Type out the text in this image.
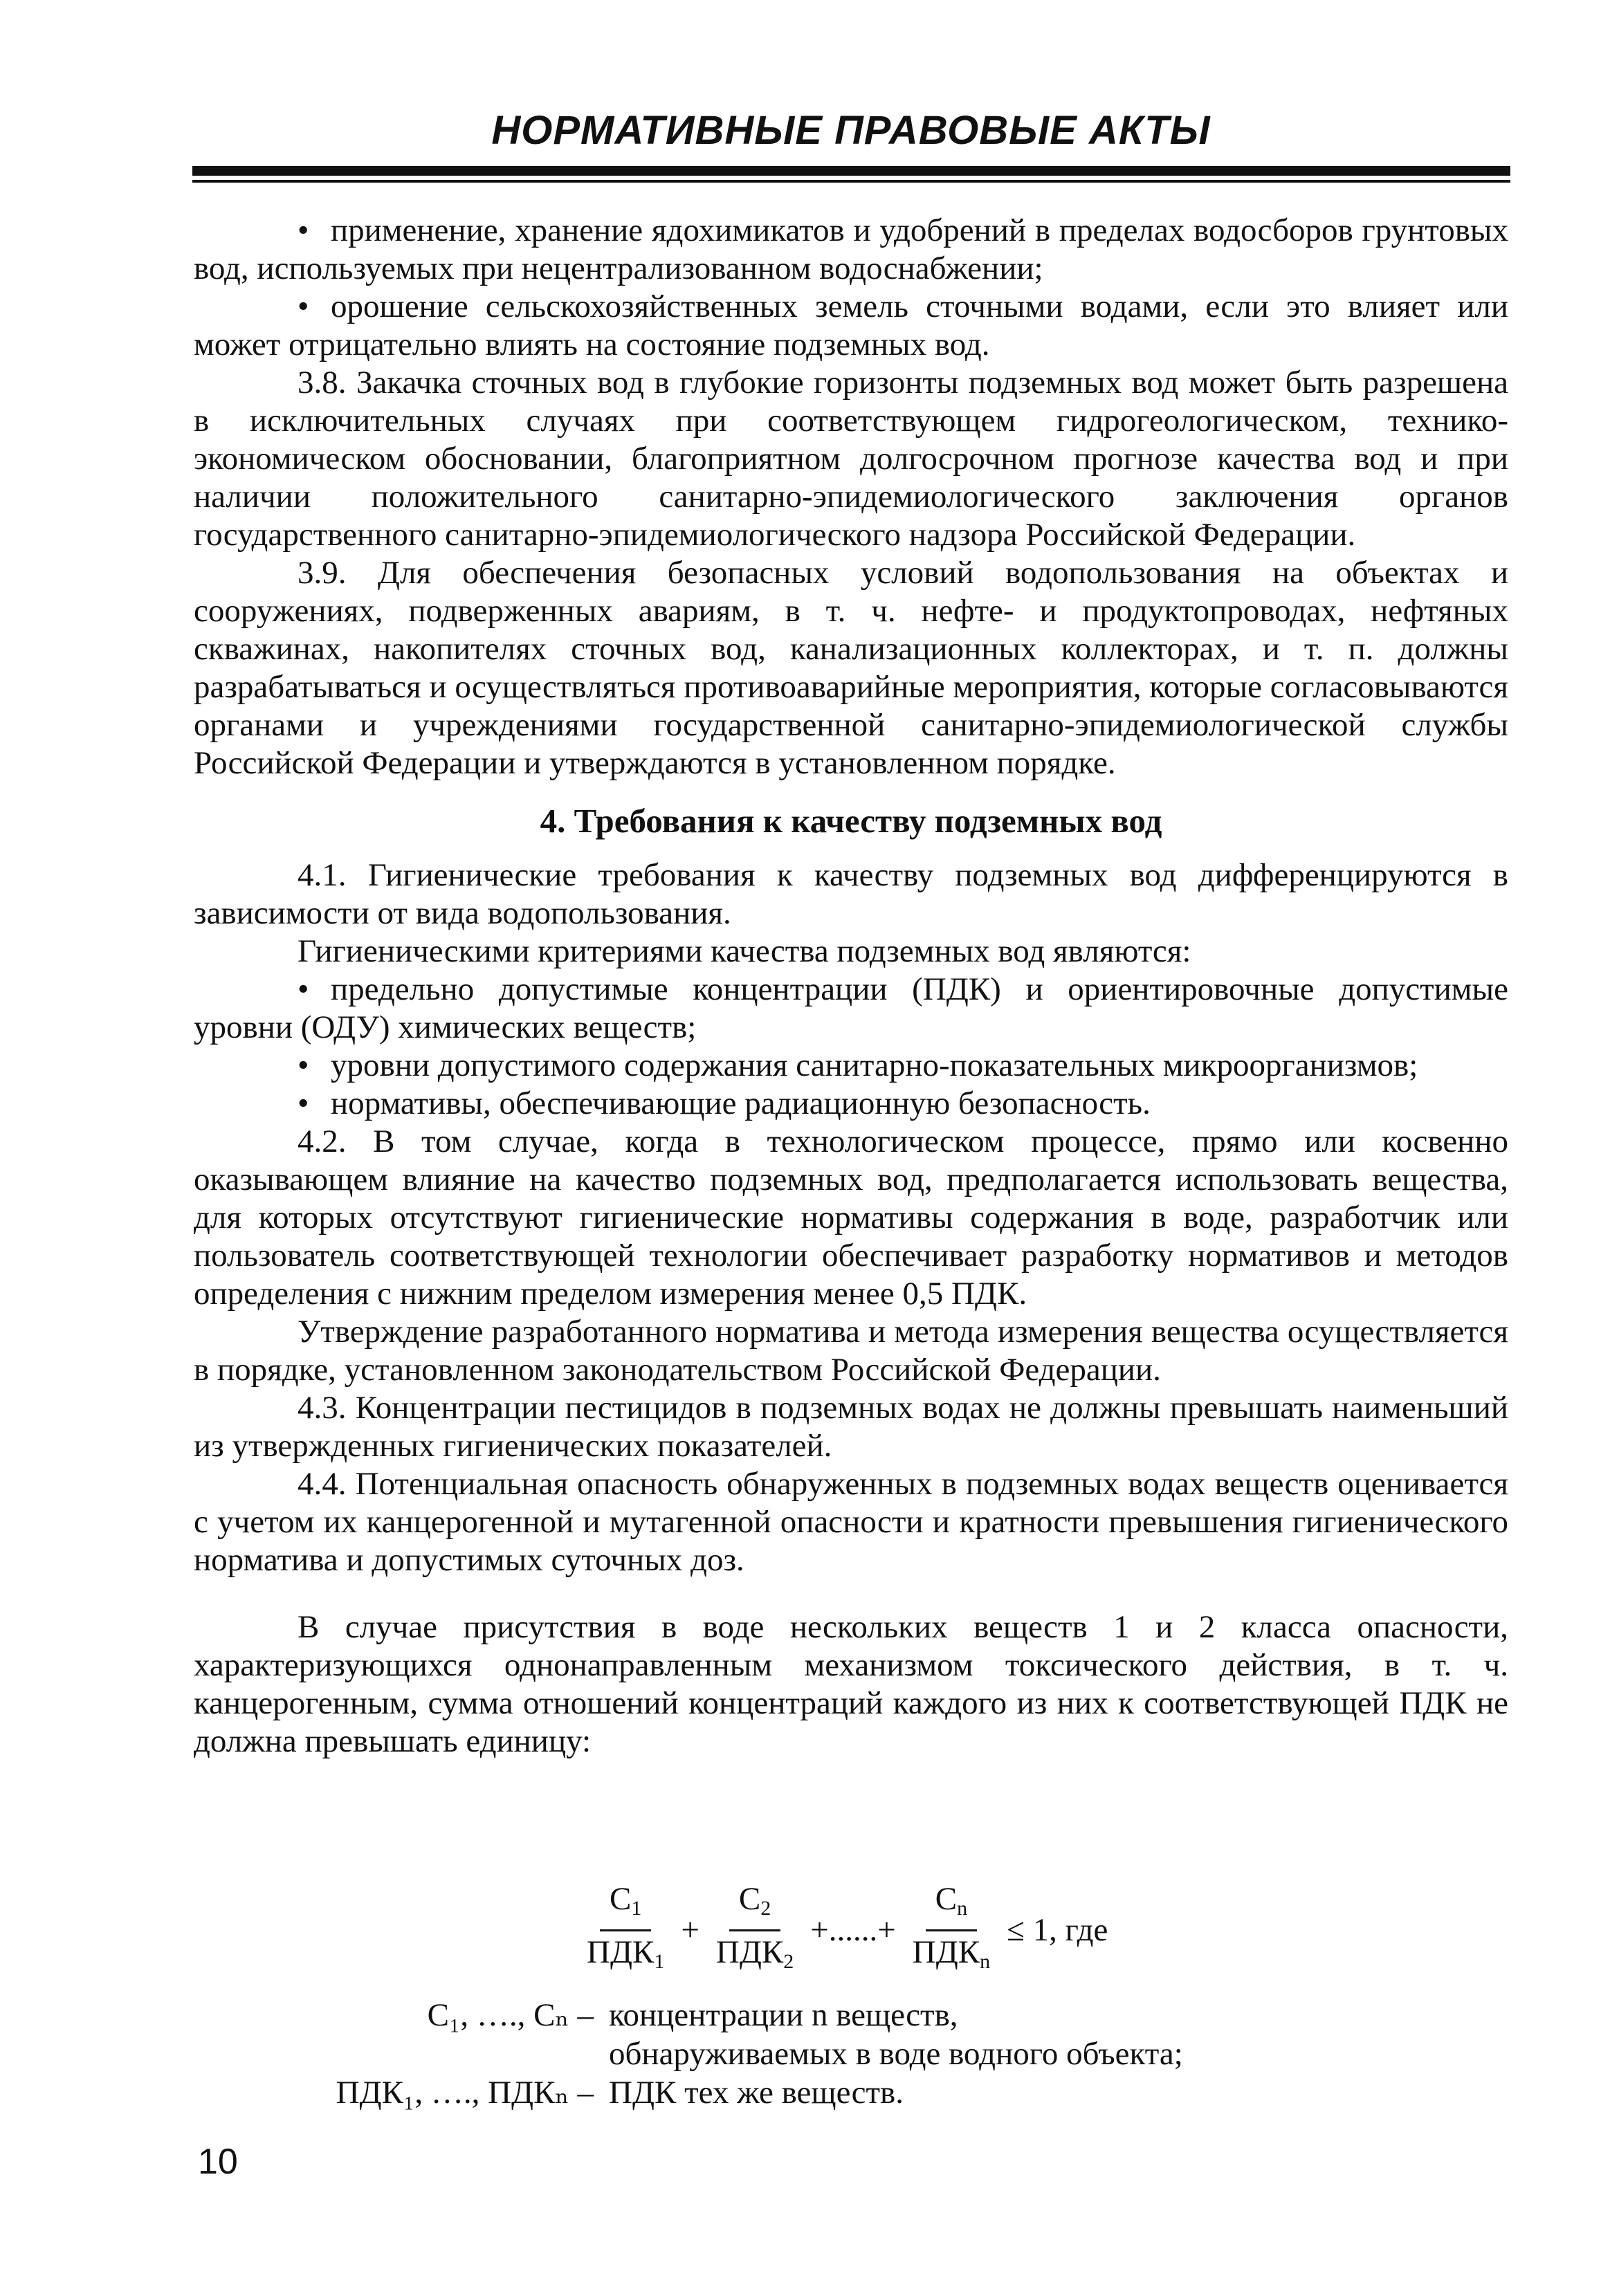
НОРМАТИВНЫЕ ПРАВОВЫЕ АКТЫ

• применение, хранение ядохимикатов и удобрений в пределах водосборов грунтовых вод, используемых при нецентрализованном водоснабжении;

• орошение сельскохозяйственных земель сточными водами, если это влияет или может отрицательно влиять на состояние подземных вод.

3.8. Закачка сточных вод в глубокие горизонты подземных вод может быть разрешена в исключительных случаях при соответствующем гидрогеологическом, технико-экономическом обосновании, благоприятном долгосрочном прогнозе качества вод и при наличии положительного санитарно-эпидемиологического заключения органов государственного санитарно-эпидемиологического надзора Российской Федерации.

3.9. Для обеспечения безопасных условий водопользования на объектах и сооружениях, подверженных авариям, в т. ч. нефте- и продуктопроводах, нефтяных скважинах, накопителях сточных вод, канализационных коллекторах, и т. п. должны разрабатываться и осуществляться противоаварийные мероприятия, которые согласовываются органами и учреждениями государственной санитарно-эпидемиологической службы Российской Федерации и утверждаются в установленном порядке.

4. Требования к качеству подземных вод

4.1. Гигиенические требования к качеству подземных вод дифференцируются в зависимости от вида водопользования.

Гигиеническими критериями качества подземных вод являются:

• предельно допустимые концентрации (ПДК) и ориентировочные допустимые уровни (ОДУ) химических веществ;

• уровни допустимого содержания санитарно-показательных микроорганизмов;

• нормативы, обеспечивающие радиационную безопасность.

4.2. В том случае, когда в технологическом процессе, прямо или косвенно оказывающем влияние на качество подземных вод, предполагается использовать вещества, для которых отсутствуют гигиенические нормативы содержания в воде, разработчик или пользователь соответствующей технологии обеспечивает разработку нормативов и методов определения с нижним пределом измерения менее 0,5 ПДК.

Утверждение разработанного норматива и метода измерения вещества осуществляется в порядке, установленном законодательством Российской Федерации.

4.3. Концентрации пестицидов в подземных водах не должны превышать наименьший из утвержденных гигиенических показателей.

4.4. Потенциальная опасность обнаруженных в подземных водах веществ оценивается с учетом их канцерогенной и мутагенной опасности и кратности превышения гигиенического норматива и допустимых суточных доз.

В случае присутствия в воде нескольких веществ 1 и 2 класса опасности, характеризующихся однонаправленным механизмом токсического действия, в т. ч. канцерогенным, сумма отношений концентраций каждого из них к соответствующей ПДК не должна превышать единицу:

$\frac{C_1}{ПДК_1} + \frac{C_2}{ПДК_2}$ +......+ $\frac{C_n}{ПДК_n} \le 1$, где
C₁, …., Cₙ – концентрации n веществ,
обнаруживаемых в воде водного объекта;
ПДК₁, …., ПДКₙ – ПДК тех же веществ.
10
